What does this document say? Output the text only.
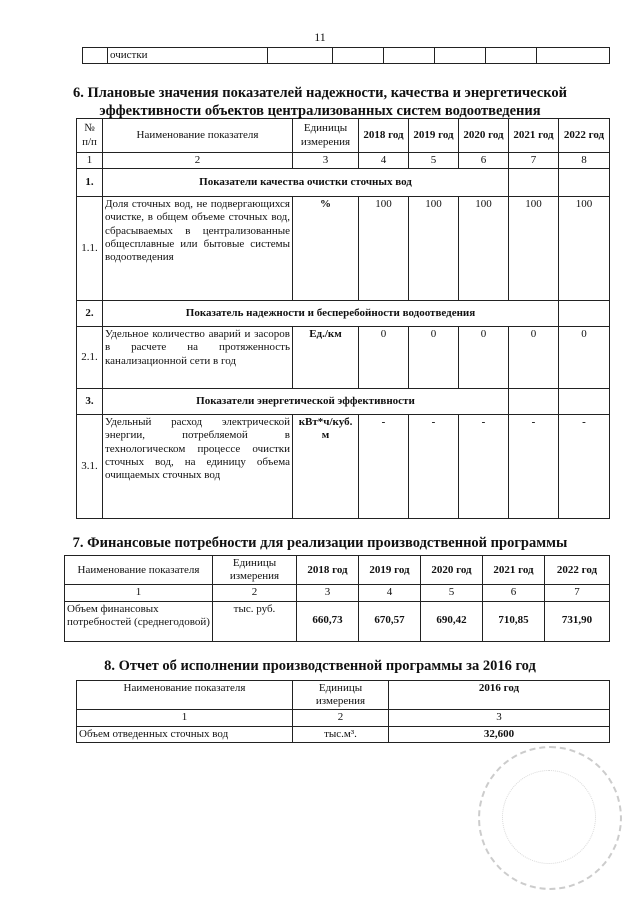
11
	очистки						
6. Плановые значения показателей надежности, качества и энергетической
эффективности объектов централизованных систем водоотведения
№ п/п	Наименование показателя	Единицы измерения	2018 год	2019 год	2020 год	2021 год	2022 год
1	2	3	4	5	6	7	8
1.	Показатели качества очистки сточных вод						
1.1.	Доля сточных вод, не подвергающихся очистке, в общем объеме сточных вод, сбрасываемых в централизованные общесплавные или бытовые системы водоотведения	%	100	100	100	100	100
2.	Показатель надежности и бесперебойности водоотведения						
2.1.	Удельное количество аварий и засоров в расчете на протяженность канализационной сети в год	Ед./км	0	0	0	0	0
3.	Показатели энергетической эффективности						
3.1.	Удельный расход электрической энергии, потребляемой в технологическом процессе очистки сточных вод, на единицу объема очищаемых сточных вод	кВт*ч/куб. м	-	-	-	-	-
7. Финансовые потребности для реализации производственной программы
Наименование показателя	Единицы измерения	2018 год	2019 год	2020 год	2021 год	2022 год
1	2	3	4	5	6	7
Объем финансовых потребностей (среднегодовой)	тыс. руб.	660,73	670,57	690,42	710,85	731,90
8. Отчет об исполнении производственной программы за 2016 год
Наименование показателя	Единицы измерения	2016 год
1	2	3
Объем отведенных сточных вод	тыс.м³.	32,600
